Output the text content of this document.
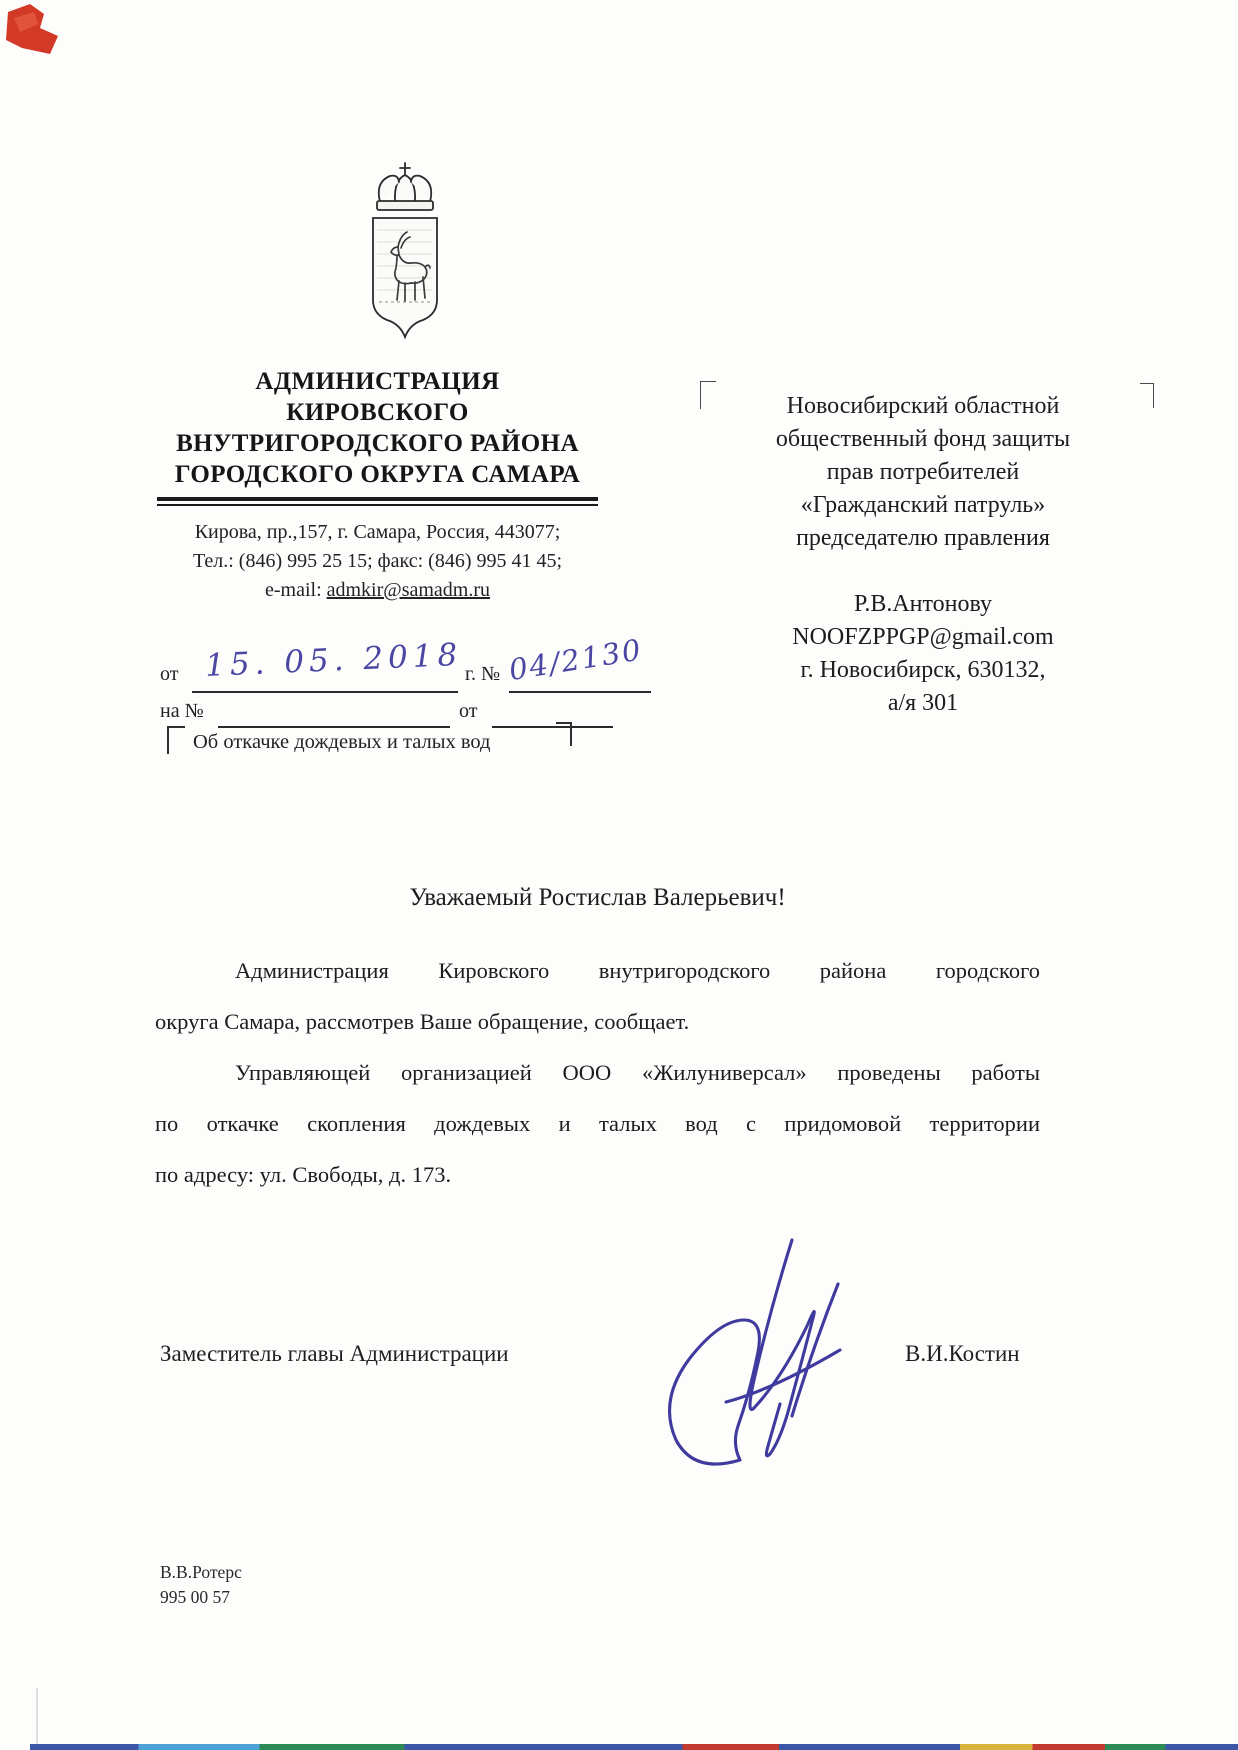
АДМИНИСТРАЦИЯ
КИРОВСКОГО
ВНУТРИГОРОДСКОГО РАЙОНА
ГОРОДСКОГО ОКРУГА САМАРА
Кирова, пр.,157, г. Самара, Россия, 443077;
Тел.: (846) 995 25 15; факс: (846) 995 41 45;
e-mail: admkir@samadm.ru
от 15. 05. 2018 г. № 04/2130
на №	от
Об откачке дождевых и талых вод
Новосибирский областной
общественный фонд защиты
прав потребителей
«Гражданский патруль»
председателю правления
Р.В.Антонову
NOOFZPPGP@gmail.com
г. Новосибирск, 630132,
а/я 301
Уважаемый Ростислав Валерьевич!
Администрация Кировского внутригородского района городского
округа Самара, рассмотрев Ваше обращение, сообщает.
Управляющей организацией ООО «Жилуниверсал» проведены работы
по откачке скопления дождевых и талых вод с придомовой территории
по адресу: ул. Свободы, д. 173.
Заместитель главы Администрации	В.И.Костин
В.В.Ротерс
995 00 57
